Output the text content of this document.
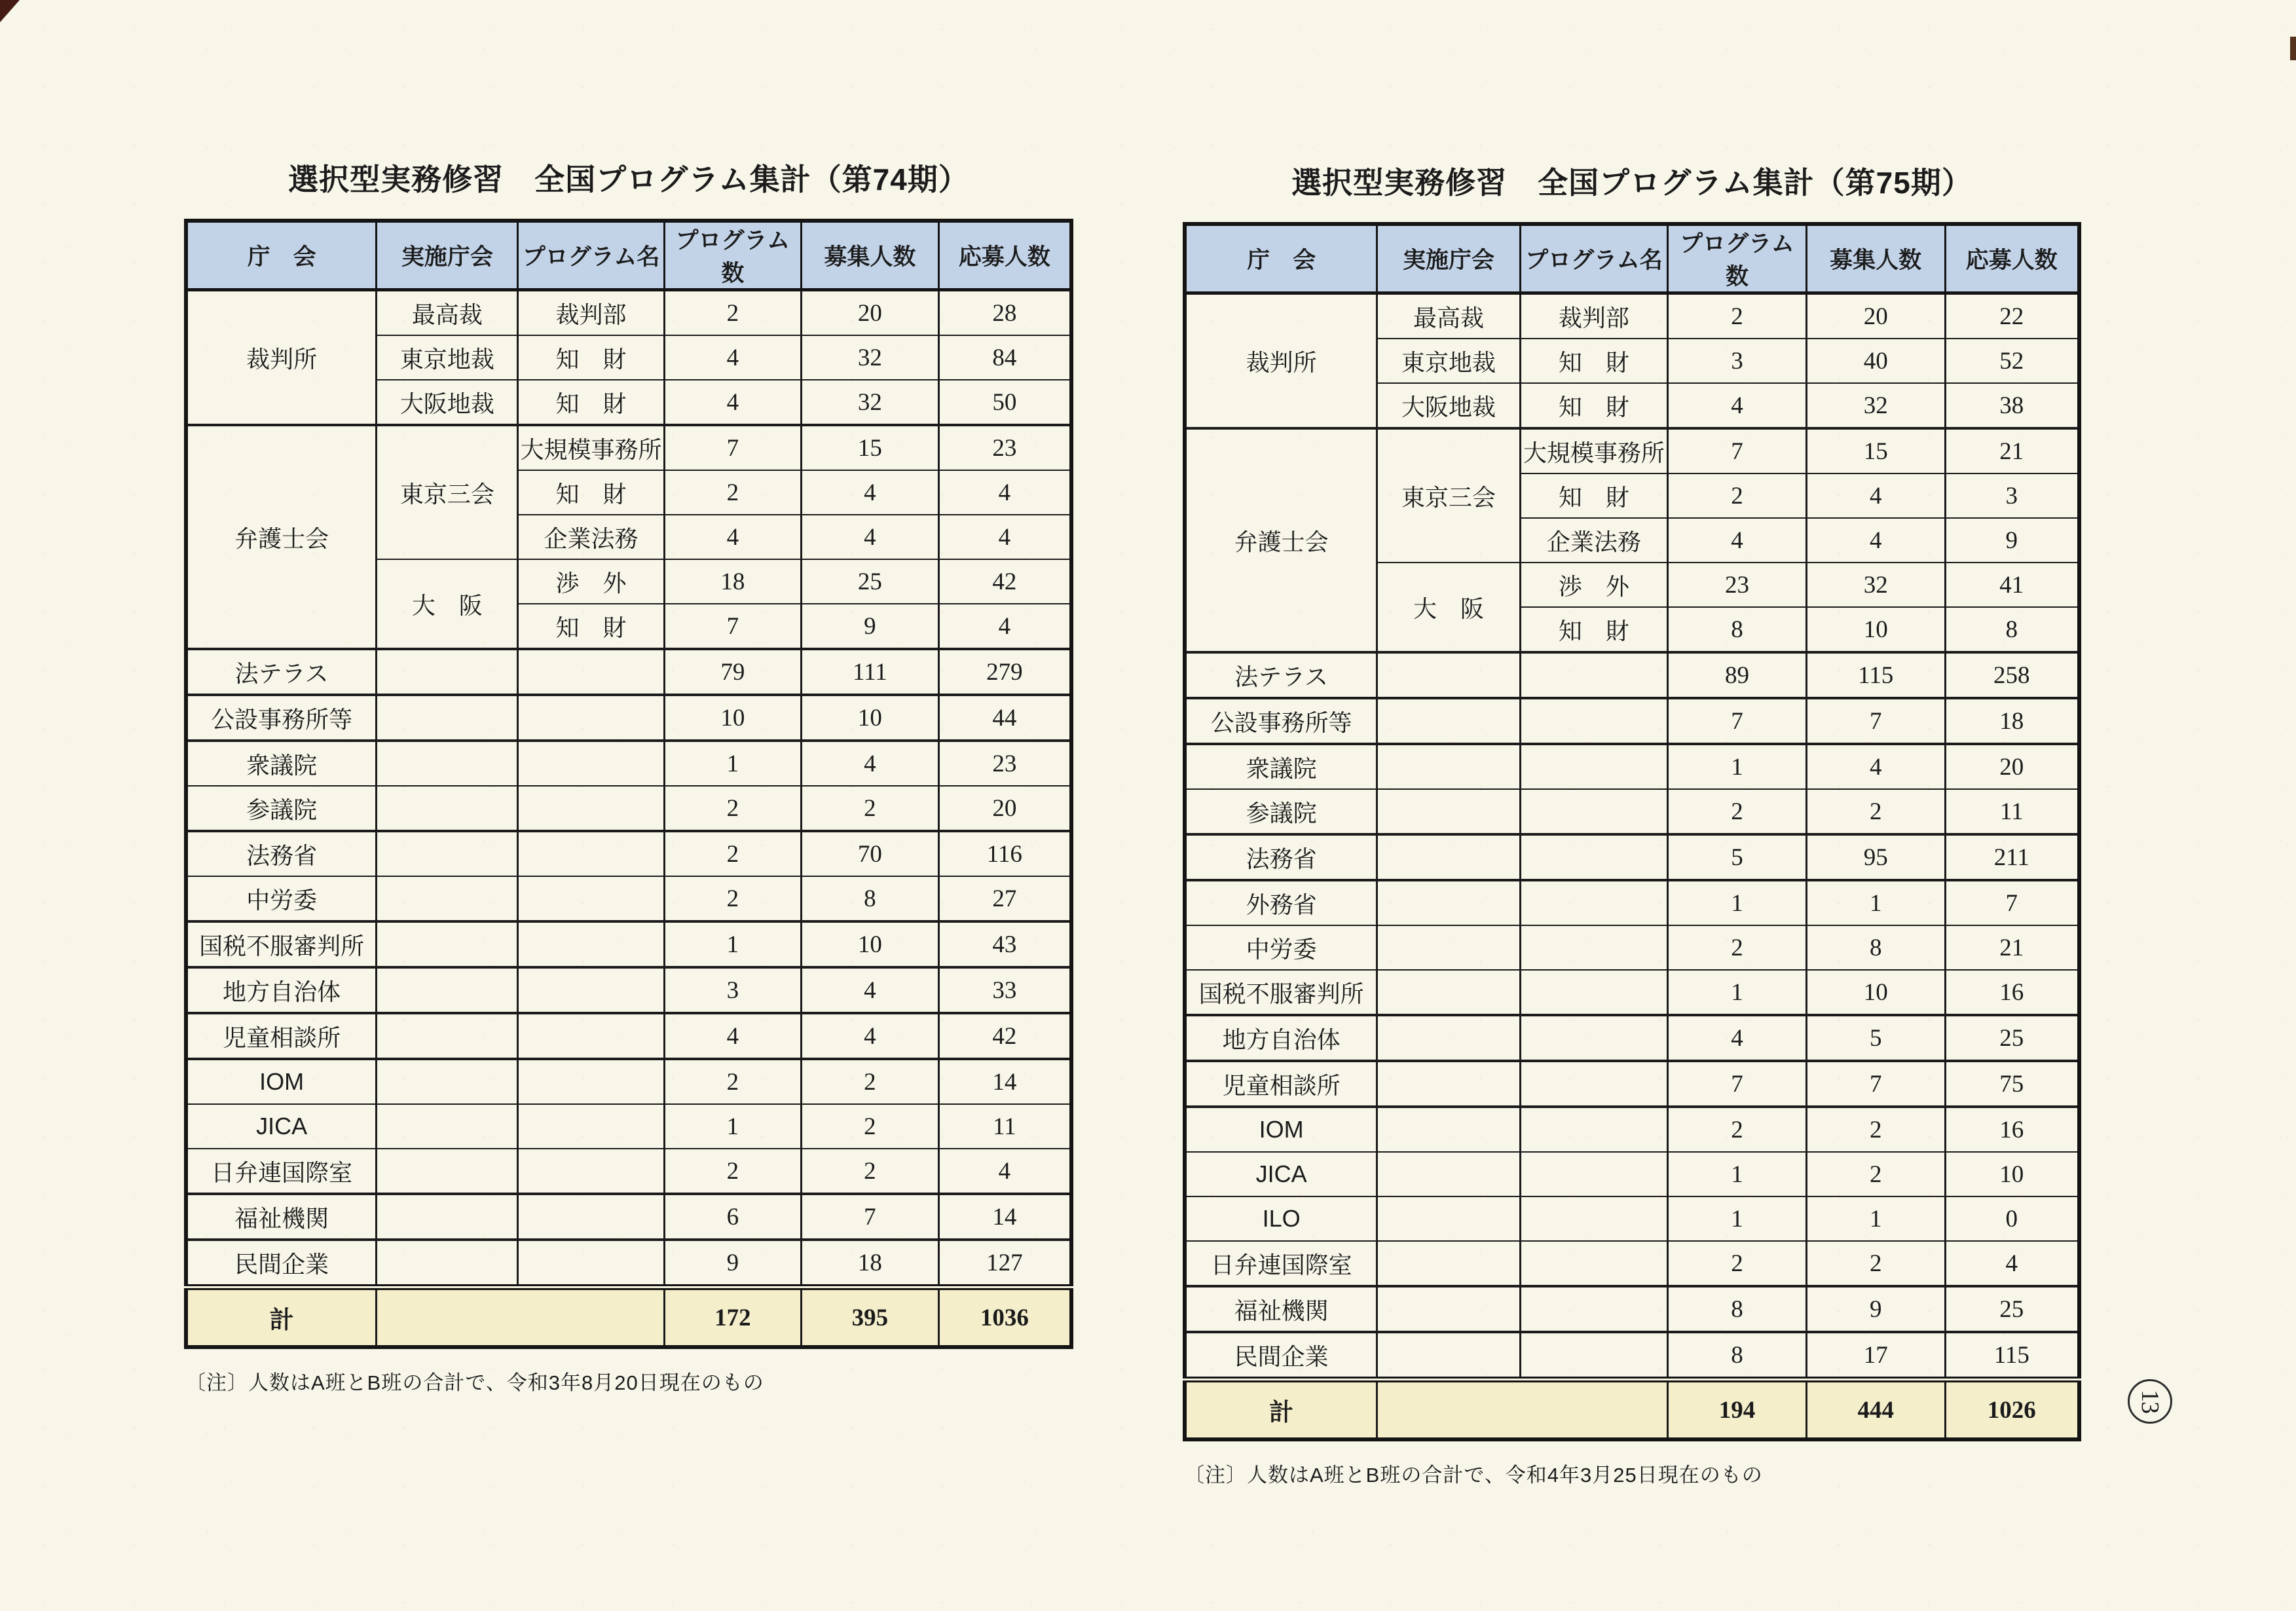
選択型実務修習　全国プログラム集計（第74期）
庁　会	実施庁会	プログラム名	プログラム数	募集人数	応募人数
裁判所	最高裁	裁判部	2	20	28
	東京地裁	知　財	4	32	84
	大阪地裁	知　財	4	32	50
弁護士会	東京三会	大規模事務所	7	15	23
		知　財	2	4	4
		企業法務	4	4	4
	大　阪	渉　外	18	25	42
		知　財	7	9	4
法テラス			79	111	279
公設事務所等			10	10	44
衆議院			1	4	23
参議院			2	2	20
法務省			2	70	116
中労委			2	8	27
国税不服審判所			1	10	43
地方自治体			3	4	33
児童相談所			4	4	42
IOM			2	2	14
JICA			1	2	11
日弁連国際室			2	2	4
福祉機関			6	7	14
民間企業			9	18	127
計			172	395	1036

〔注〕人数はA班とB班の合計で、令和3年8月20日現在のもの

選択型実務修習　全国プログラム集計（第75期）
庁　会	実施庁会	プログラム名	プログラム数	募集人数	応募人数
裁判所	最高裁	裁判部	2	20	22
	東京地裁	知　財	3	40	52
	大阪地裁	知　財	4	32	38
弁護士会	東京三会	大規模事務所	7	15	21
		知　財	2	4	3
		企業法務	4	4	9
	大　阪	渉　外	23	32	41
		知　財	8	10	8
法テラス			89	115	258
公設事務所等			7	7	18
衆議院			1	4	20
参議院			2	2	11
法務省			5	95	211
外務省			1	1	7
中労委			2	8	21
国税不服審判所			1	10	16
地方自治体			4	5	25
児童相談所			7	7	75
IOM			2	2	16
JICA			1	2	10
ILO			1	1	0
日弁連国際室			2	2	4
福祉機関			8	9	25
民間企業			8	17	115
計			194	444	1026

〔注〕人数はA班とB班の合計で、令和4年3月25日現在のもの

13
